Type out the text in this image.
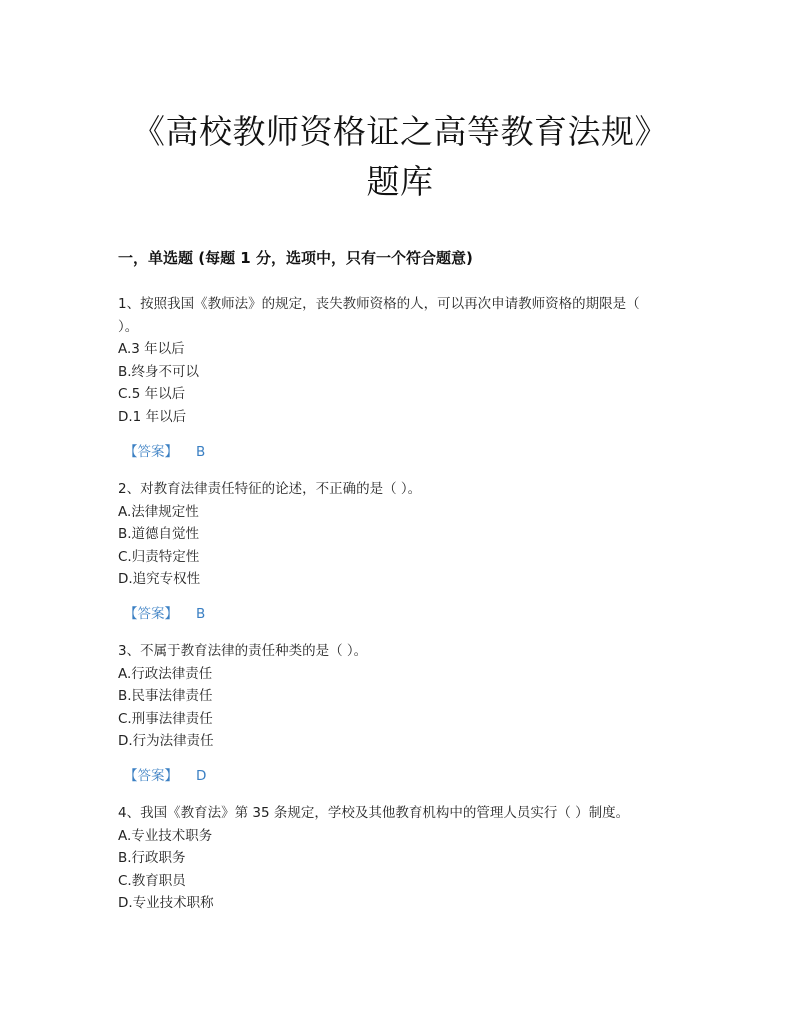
《高校教师资格证之高等教育法规》
题库
一，单选题 (每题 1 分，选项中，只有一个符合题意)
1、按照我国《教师法》的规定，丧失教师资格的人，可以再次申请教师资格的期限是（
）。
A.3 年以后
B.终身不可以
C.5 年以后
D.1 年以后
【答案】 B
2、对教育法律责任特征的论述，不正确的是（ ）。
A.法律规定性
B.道德自觉性
C.归责特定性
D.追究专权性
【答案】 B
3、不属于教育法律的责任种类的是（ ）。
A.行政法律责任
B.民事法律责任
C.刑事法律责任
D.行为法律责任
【答案】 D
4、我国《教育法》第 35 条规定，学校及其他教育机构中的管理人员实行（ ）制度。
A.专业技术职务
B.行政职务
C.教育职员
D.专业技术职称
